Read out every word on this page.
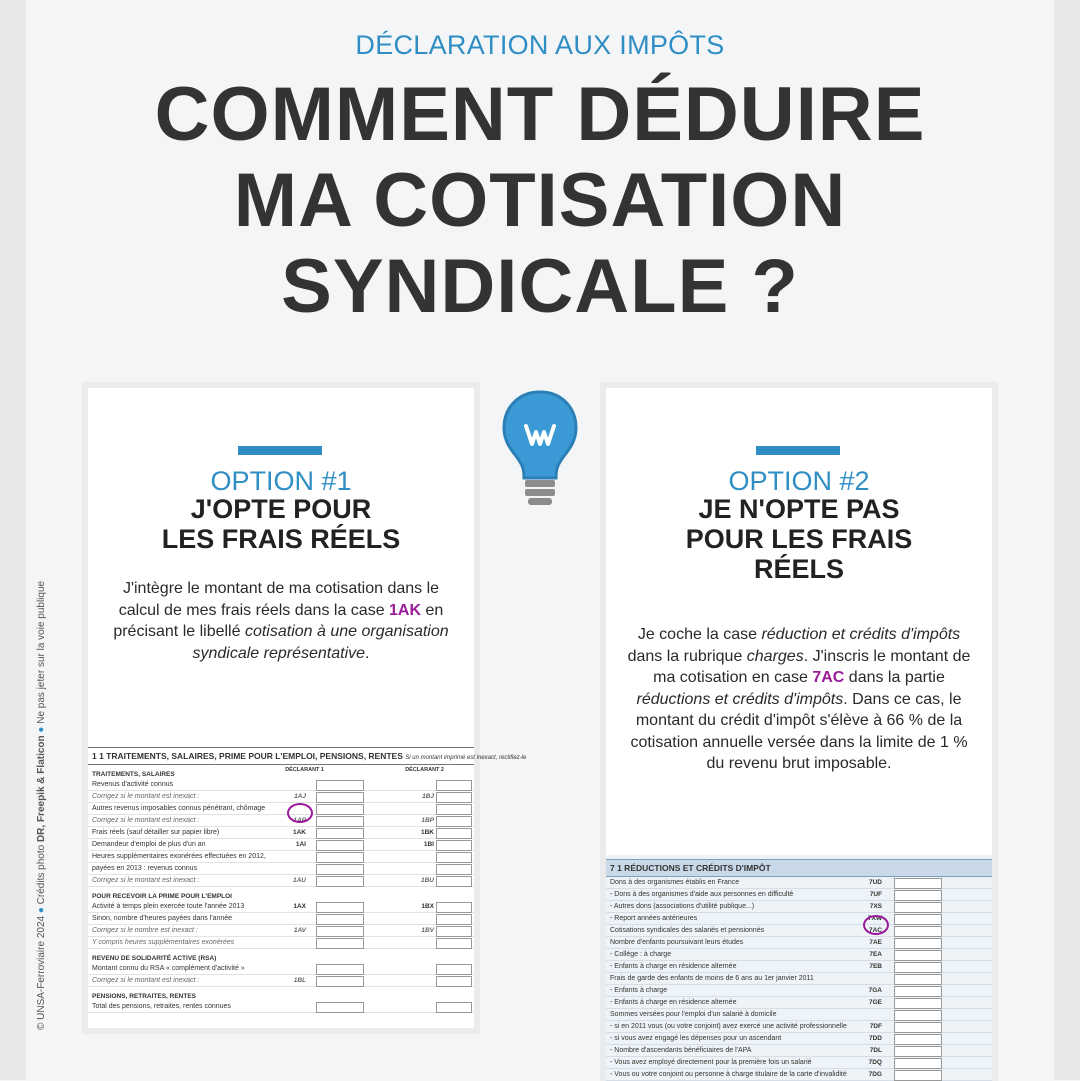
DÉCLARATION AUX IMPÔTS
COMMENT DÉDUIRE
MA COTISATION
SYNDICALE ?
© UNSA-Ferroviaire 2024 ● Crédits photo DR, Freepik & Flaticon ● Ne pas jeter sur la voie publique
OPTION #1
J'OPTE POUR
LES FRAIS RÉELS
J'intègre le montant de ma cotisation dans le calcul de mes frais réels dans la case 1AK en précisant le libellé cotisation à une organisation syndicale représentative.
1 1 TRAITEMENTS, SALAIRES, PRIME POUR L'EMPLOI, PENSIONS, RENTES Si un montant imprimé est inexact, rectifiez-le
TRAITEMENTS, SALAIRES
DÉCLARANT 1	DÉCLARANT 2
Revenus d'activité connus
Corrigez si le montant est inexact :	1AJ	1BJ
Autres revenus imposables connus pénétrant, chômage
Corrigez si le montant est inexact :	1AP	1BP
Frais réels (sauf détailler sur papier libre)	1AK	1BK
Demandeur d'emploi de plus d'un an	1AI	1BI
Heures supplémentaires exonérées effectuées en 2012,
payées en 2013 : revenus connus
Corrigez si le montant est inexact :	1AU	1BU
POUR RECEVOIR LA PRIME POUR L'EMPLOI
Activité à temps plein exercée toute l'année 2013	1AX	1BX
Sinon, nombre d'heures payées dans l'année
Corrigez si le nombre est inexact :	1AV	1BV
Y compris heures supplémentaires exonérées
REVENU DE SOLIDARITÉ ACTIVE (RSA)
Montant connu du RSA « complément d'activité »
Corrigez si le montant est inexact :	1BL
PENSIONS, RETRAITES, RENTES
Total des pensions, retraites, rentes connues
OPTION #2
JE N'OPTE PAS
POUR LES FRAIS
RÉELS
Je coche la case réduction et crédits d'impôts dans la rubrique charges. J'inscris le montant de ma cotisation en case 7AC dans la partie réductions et crédits d'impôts. Dans ce cas, le montant du crédit d'impôt s'élève à 66 % de la cotisation annuelle versée dans la limite de 1 % du revenu brut imposable.
7 1 RÉDUCTIONS ET CRÉDITS D'IMPÔT
Dons à des organismes établis en France	7UD
- Dons à des organismes d'aide aux personnes en difficulté	7UF
- Autres dons (associations d'utilité publique...)	7XS
- Report années antérieures	7XW
Cotisations syndicales des salariés et pensionnés	7AC
Nombre d'enfants poursuivant leurs études	7AE
- Collège : à charge	7EA
- Enfants à charge en résidence alternée	7EB
Frais de garde des enfants de moins de 6 ans au 1er janvier 2011
- Enfants à charge	7GA
- Enfants à charge en résidence alternée	7GE
Sommes versées pour l'emploi d'un salarié à domicile
- si en 2011 vous (ou votre conjoint) avez exercé une activité professionnelle	7DF
- si vous avez engagé les dépenses pour un ascendant	7DD
- Nombre d'ascendants bénéficiaires de l'APA	7DL
- Vous avez employé directement pour la première fois un salarié	7DQ
- Vous ou votre conjoint ou personne à charge titulaire de la carte d'invalidité	7DG
